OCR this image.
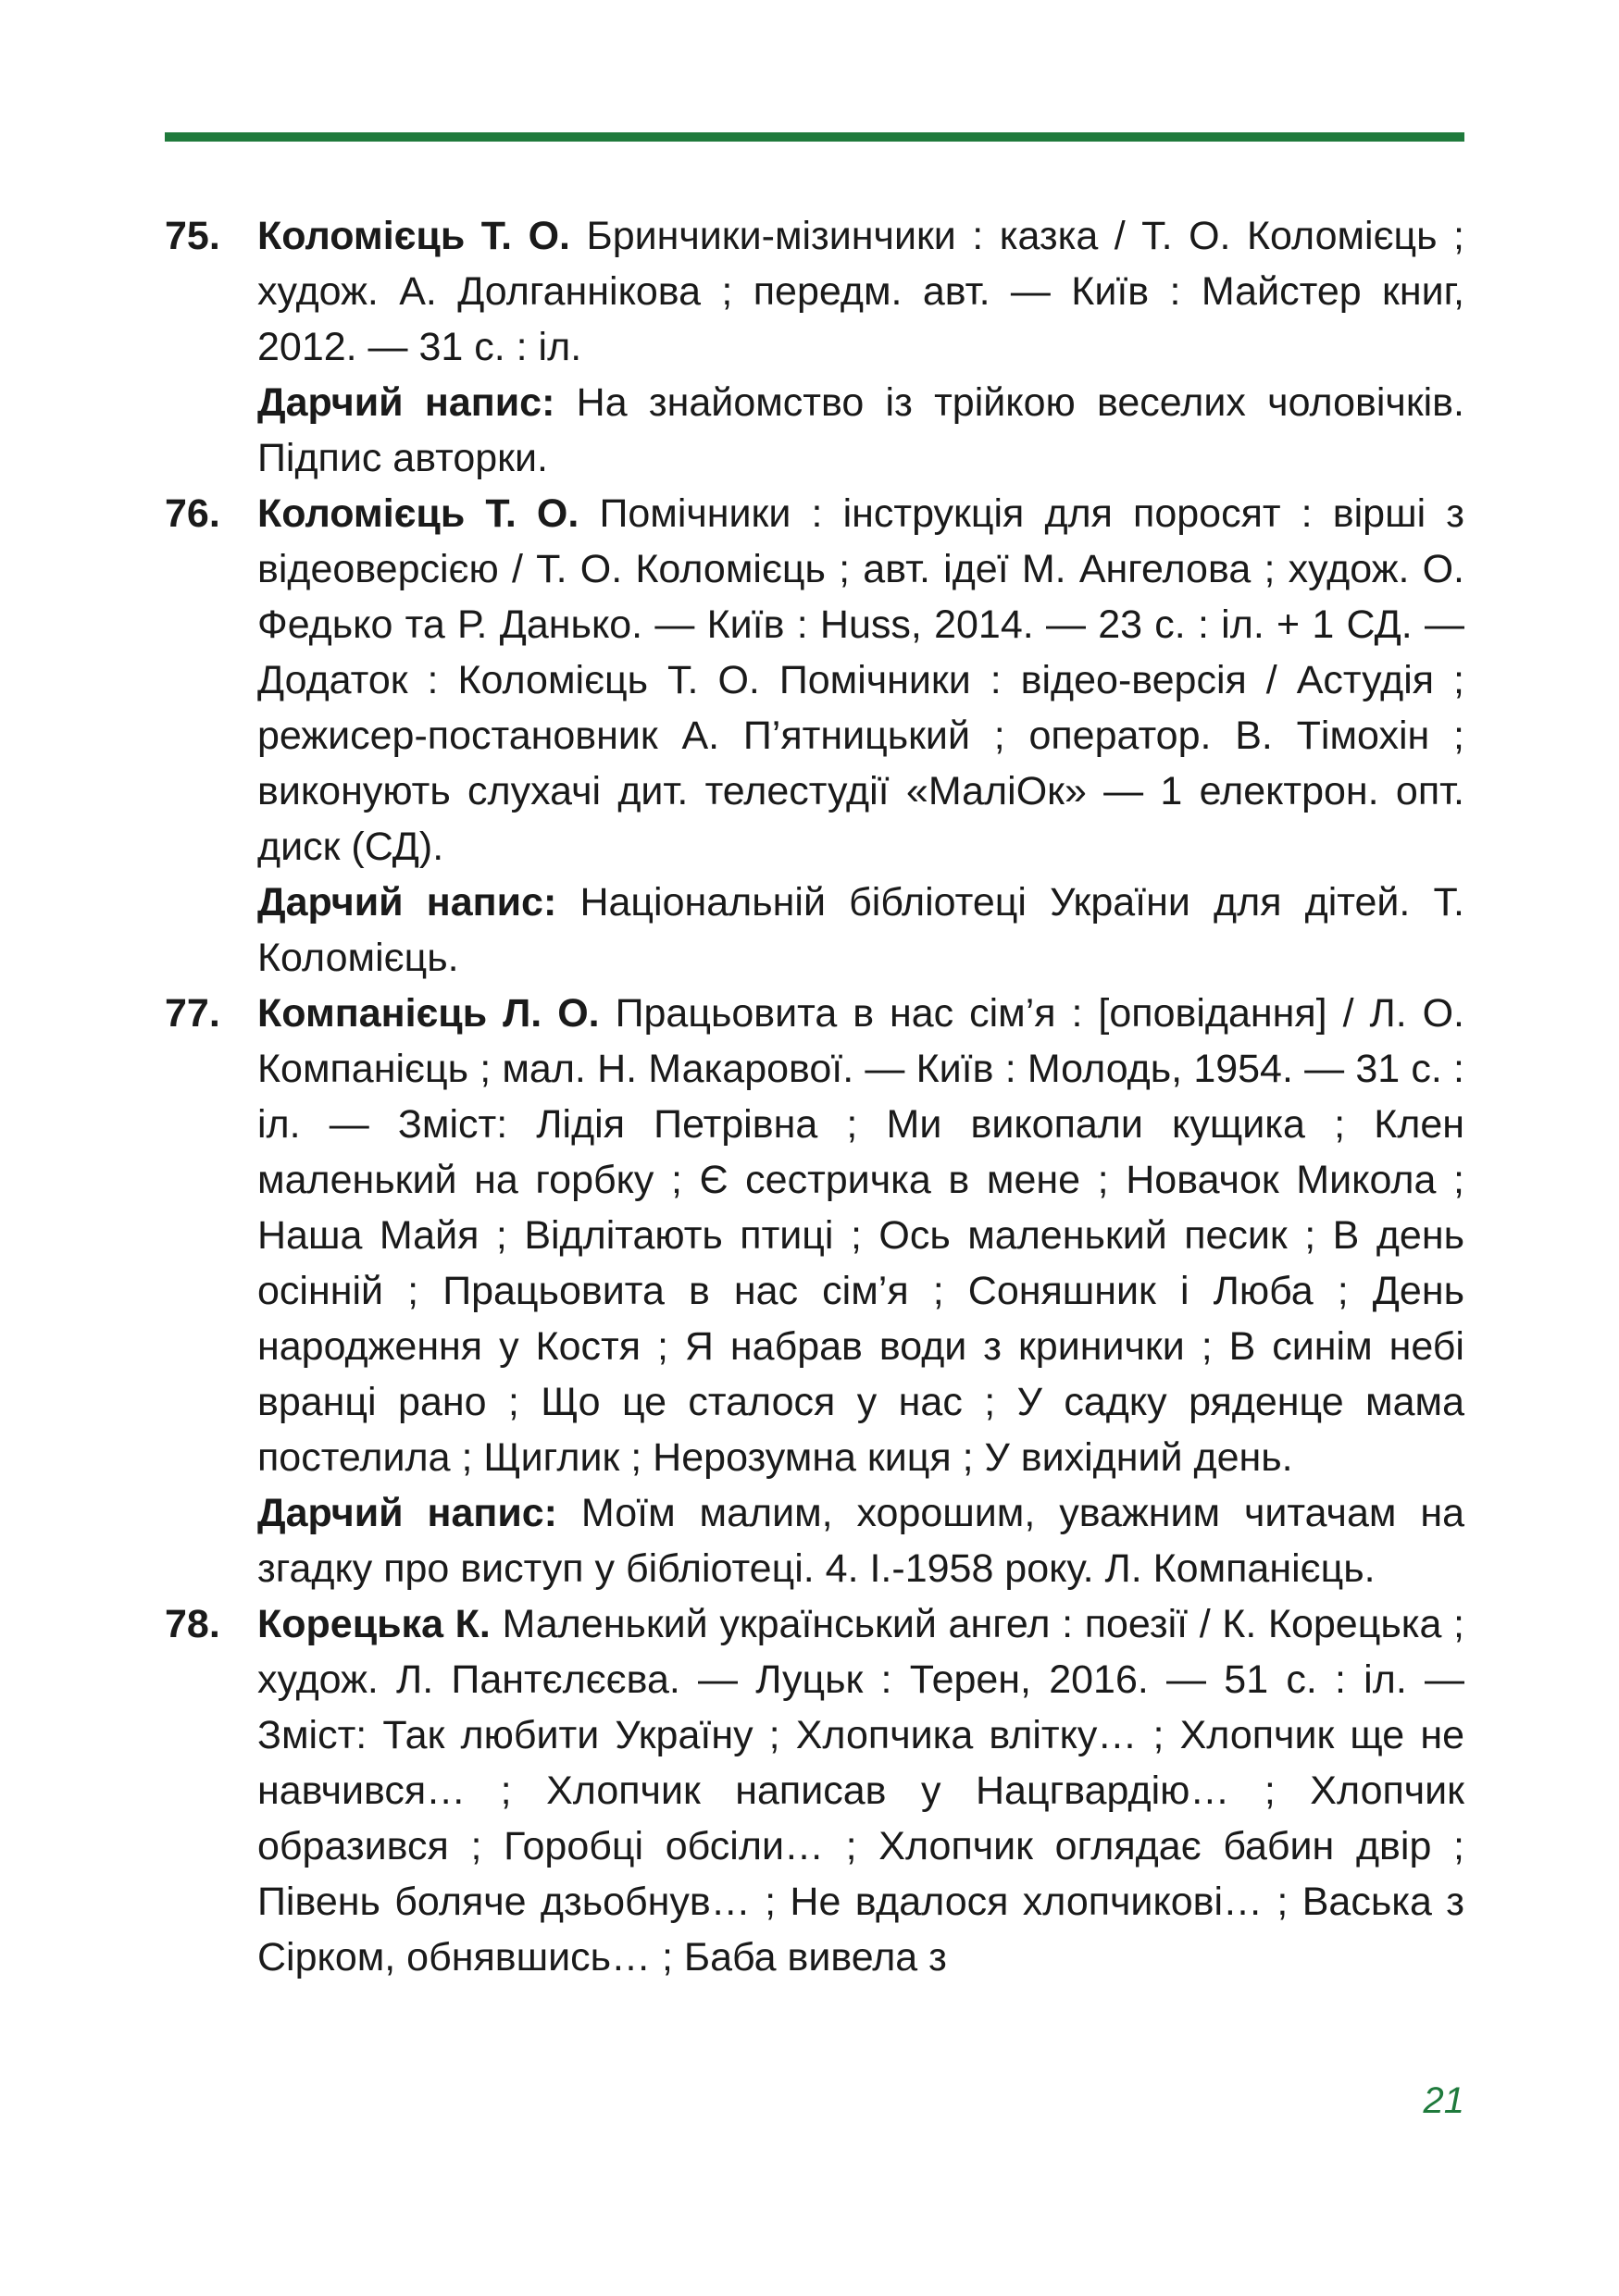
75. Коломієць Т. О. Бринчики-мізинчики : казка / Т. О. Коломієць ; худож. А. Долганнікова ; передм. авт. — Київ : Майстер книг, 2012. — 31 с. : іл.

Дарчий напис: На знайомство із трійкою веселих чоловічків. Підпис авторки.

76. Коломієць Т. О. Помічники : інструкція для поросят : вірші з відеоверсією / Т. О. Коломієць ; авт. ідеї М. Ангелова ; худож. О. Федько та Р. Данько. — Київ : Huss, 2014. — 23 с. : іл. + 1 СД. — Додаток : Коломієць Т. О. Помічники : відео-версія / Астудія ; режисер-постановник А. П’ятницький ; оператор. В. Тімохін ; виконують слухачі дит. телестудії «МаліОк» — 1 електрон. опт. диск (СД).

Дарчий напис: Національній бібліотеці України для дітей. Т. Коломієць.

77. Компанієць Л. О. Працьовита в нас сім’я : [оповідання] / Л. О. Компанієць ; мал. Н. Макарової. — Київ : Молодь, 1954. — 31 с. : іл. — Зміст: Лідія Петрівна ; Ми викопали кущика ; Клен маленький на горбку ; Є сестричка в мене ; Новачок Микола ; Наша Майя ; Відлітають птиці ; Ось маленький песик ; В день осінній ; Працьовита в нас сім’я ; Соняшник і Люба ; День народження у Костя ; Я набрав води з кринички ; В синім небі вранці рано ; Що це сталося у нас ; У садку ряденце мама постелила ; Щиглик ; Нерозумна киця ; У вихідний день.

Дарчий напис: Моїм малим, хорошим, уважним читачам на згадку про виступ у бібліотеці. 4. І.-1958 року. Л. Компанієць.

78. Корецька К. Маленький український ангел : поезії / К. Корецька ; худож. Л. Пантєлєєва. — Луцьк : Терен, 2016. — 51 с. : іл. — Зміст: Так любити Україну ; Хлопчика влітку… ; Хлопчик ще не навчився… ; Хлопчик написав у Нацгвардію… ; Хлопчик образився ; Горобці обсіли… ; Хлопчик оглядає бабин двір ; Півень боляче дзьобнув… ; Не вдалося хлопчикові… ; Васька з Сірком, обнявшись… ; Баба вивела з

21
